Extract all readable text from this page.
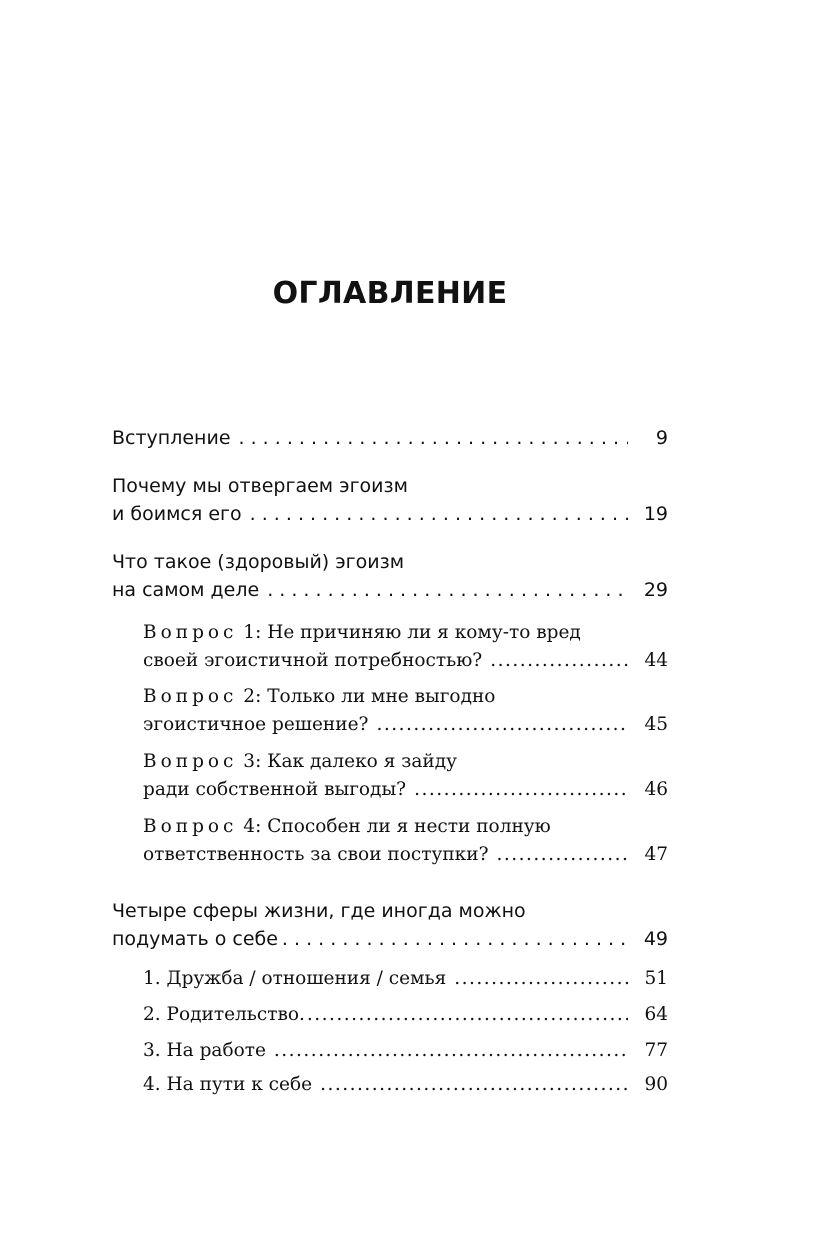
ОГЛАВЛЕНИЕ
Вступление . . .	9
Почему мы отвергаем эгоизм
и боимся его . . .	19
Что такое (здоровый) эгоизм
на самом деле . . .	29
Вопрос 1: Не причиняю ли я кому-то вред
своей эгоистичной потребностью? .....	44
Вопрос 2: Только ли мне выгодно
эгоистичное решение? .....	45
Вопрос 3: Как далеко я зайду
ради собственной выгоды? .....	46
Вопрос 4: Способен ли я нести полную
ответственность за свои поступки? .....	47
Четыре сферы жизни, где иногда можно
подумать о себе . . .	49
1. Дружба / отношения / семья .....	51
2. Родительство. .....	64
3. На работе .....	77
4. На пути к себе .....	90
